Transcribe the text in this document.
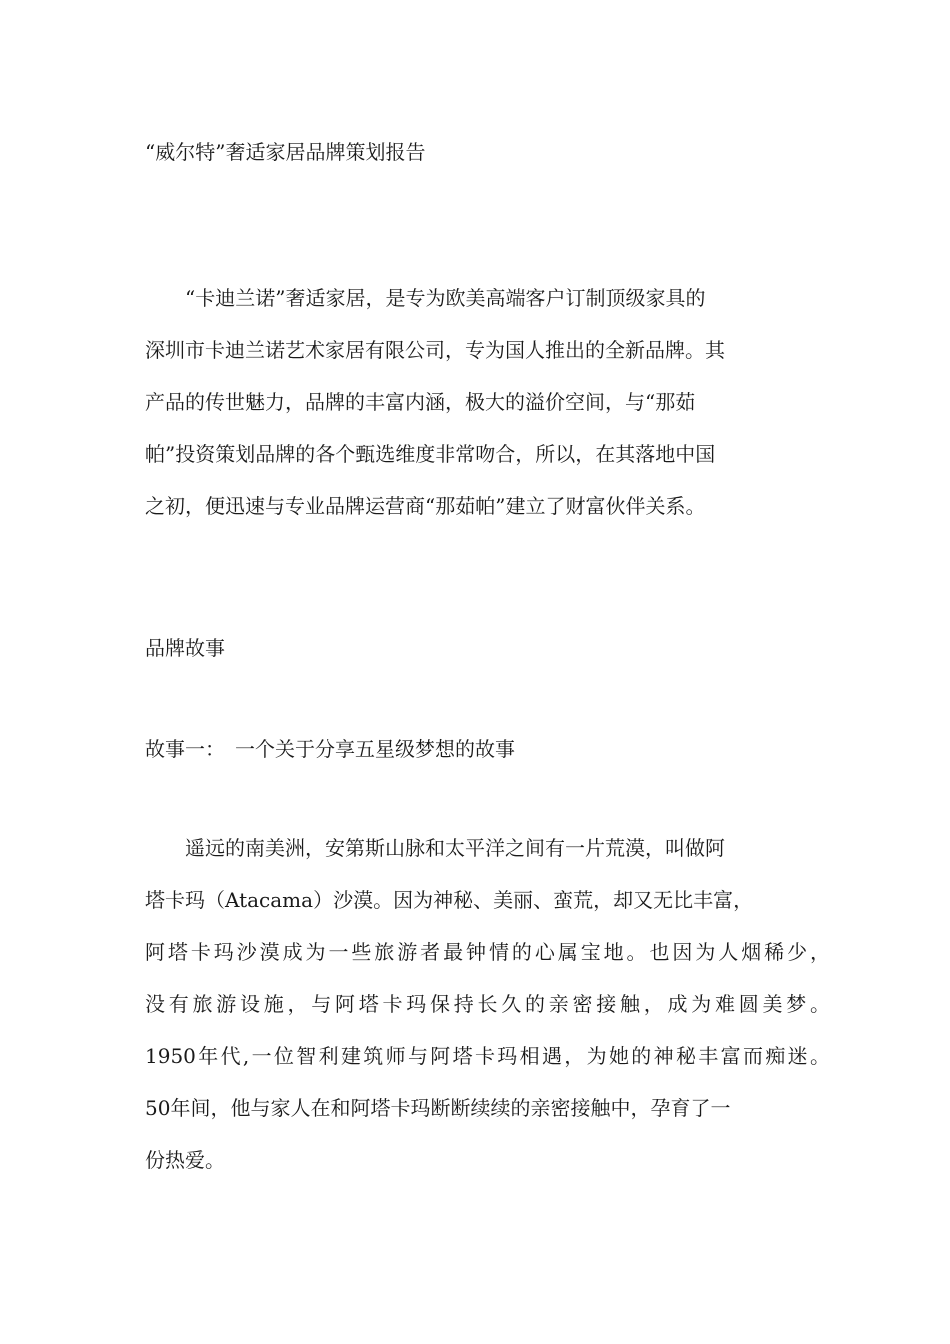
“威尔特”奢适家居品牌策划报告
　　“卡迪兰诺”奢适家居，是专为欧美高端客户订制顶级家具的
深圳市卡迪兰诺艺术家居有限公司，专为国人推出的全新品牌。其
产品的传世魅力，品牌的丰富内涵，极大的溢价空间，与“那茹
帕”投资策划品牌的各个甄选维度非常吻合，所以，在其落地中国
之初，便迅速与专业品牌运营商“那茹帕”建立了财富伙伴关系。
品牌故事
故事一：　一个关于分享五星级梦想的故事
　　遥远的南美洲，安第斯山脉和太平洋之间有一片荒漠，叫做阿
塔卡玛（Atacama）沙漠。因为神秘、美丽、蛮荒，却又无比丰富，
阿塔卡玛沙漠成为一些旅游者最钟情的心属宝地。也因为人烟稀少，
没有旅游设施，与阿塔卡玛保持长久的亲密接触，成为难圆美梦。
1950年代,一位智利建筑师与阿塔卡玛相遇，为她的神秘丰富而痴迷。
50年间，他与家人在和阿塔卡玛断断续续的亲密接触中，孕育了一
份热爱。
